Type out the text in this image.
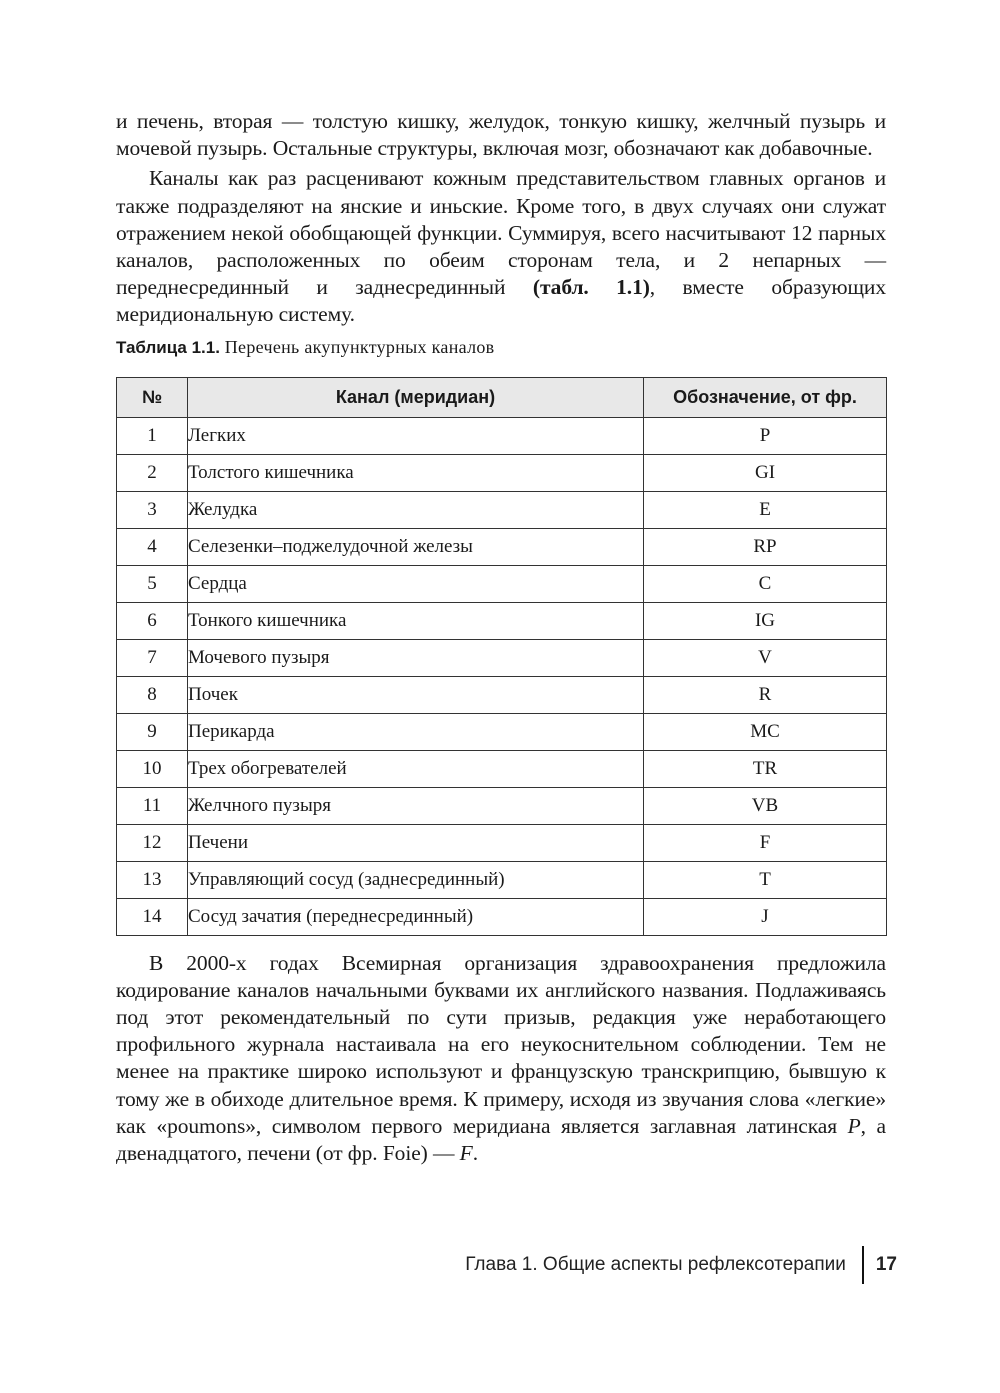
и печень, вторая — толстую кишку, желудок, тонкую кишку, желчный пузырь и мочевой пузырь. Остальные структуры, включая мозг, обозначают как добавочные.

Каналы как раз расценивают кожным представительством главных органов и также подразделяют на янские и иньские. Кроме того, в двух случаях они служат отражением некой обобщающей функции. Суммируя, всего насчитывают 12 парных каналов, расположенных по обеим сторонам тела, и 2 непарных — переднесрединный и заднесрединный (табл. 1.1), вместе образующих меридиональную систему.

Таблица 1.1. Перечень акупунктурных каналов
№	Канал (меридиан)	Обозначение, от фр.
1	Легких	P
2	Толстого кишечника	GI
3	Желудка	E
4	Селезенки–поджелудочной железы	RP
5	Сердца	C
6	Тонкого кишечника	IG
7	Мочевого пузыря	V
8	Почек	R
9	Перикарда	MC
10	Трех обогревателей	TR
11	Желчного пузыря	VB
12	Печени	F
13	Управляющий сосуд (заднесрединный)	T
14	Сосуд зачатия (переднесрединный)	J

В 2000-х годах Всемирная организация здравоохранения предложила кодирование каналов начальными буквами их английского названия. Подлаживаясь под этот рекомендательный по сути призыв, редакция уже неработающего профильного журнала настаивала на его неукоснительном соблюдении. Тем не менее на практике широко используют и французскую транскрипцию, бывшую к тому же в обиходе длительное время. К примеру, исходя из звучания слова «легкие» как «poumons», символом первого меридиана является заглавная латинская P, а двенадцатого, печени (от фр. Foie) — F.

Глава 1. Общие аспекты рефлексотерапии 17
